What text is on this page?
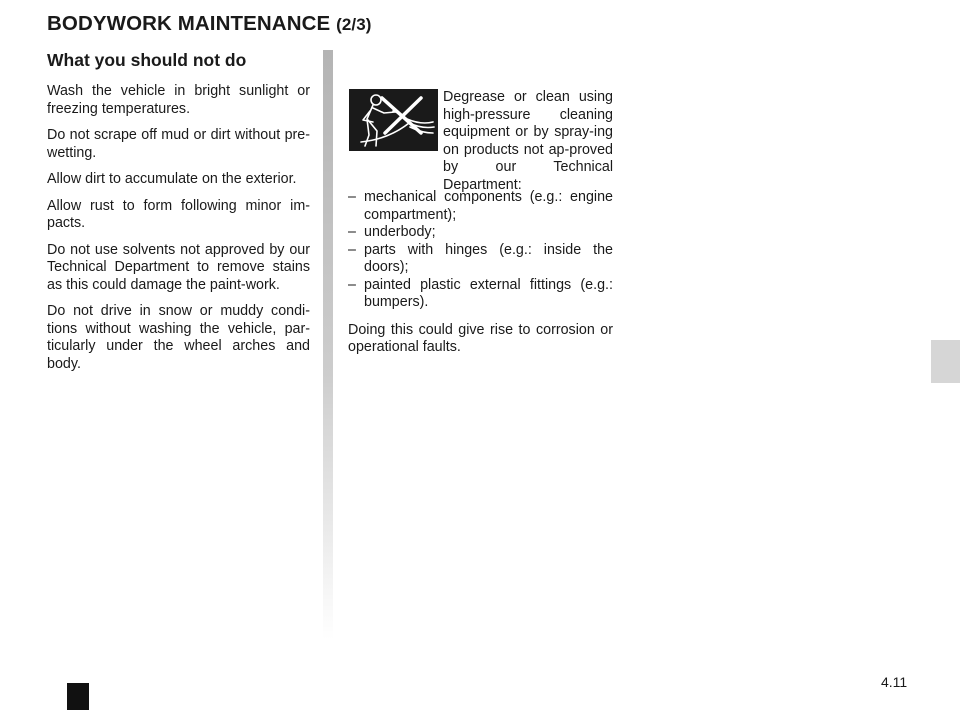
BODYWORK MAINTENANCE (2/3)
What you should not do

Wash the vehicle in bright sunlight or freezing temperatures.

Do not scrape off mud or dirt without pre-wetting.

Allow dirt to accumulate on the exterior.

Allow rust to form following minor im-pacts.

Do not use solvents not approved by our Technical Department to remove stains as this could damage the paint-work.

Do not drive in snow or muddy condi-tions without washing the vehicle, par-ticularly under the wheel arches and body.

Degrease or clean using high-pressure cleaning equipment or by spray-ing on products not ap-proved by our Technical Department:
– mechanical components (e.g.: engine compartment);
– underbody;
– parts with hinges (e.g.: inside the doors);
– painted plastic external fittings (e.g.: bumpers).

Doing this could give rise to corrosion or operational faults.

4.11
